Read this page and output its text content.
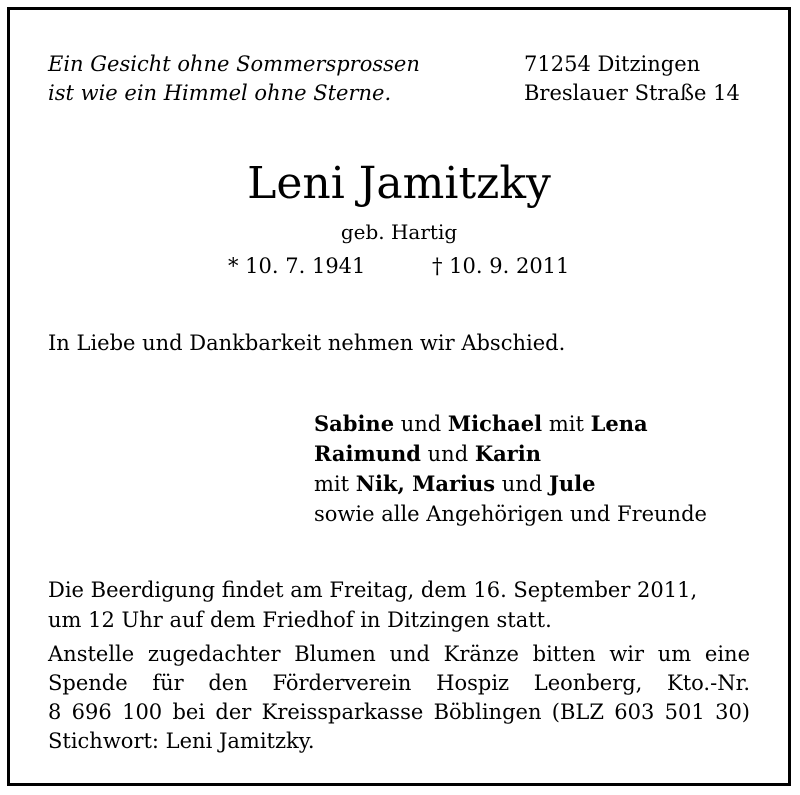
Ein Gesicht ohne Sommersprossen
ist wie ein Himmel ohne Sterne.
71254 Ditzingen
Breslauer Straße 14
Leni Jamitzky
geb. Hartig
* 10. 7. 1941	† 10. 9. 2011
In Liebe und Dankbarkeit nehmen wir Abschied.
Sabine und Michael mit Lena
Raimund und Karin
mit Nik, Marius und Jule
sowie alle Angehörigen und Freunde
Die Beerdigung findet am Freitag, dem 16. September 2011,
um 12 Uhr auf dem Friedhof in Ditzingen statt.
Anstelle zugedachter Blumen und Kränze bitten wir um eine
Spende für den Förderverein Hospiz Leonberg, Kto.-Nr.
8 696 100 bei der Kreissparkasse Böblingen (BLZ 603 501 30)
Stichwort: Leni Jamitzky.
